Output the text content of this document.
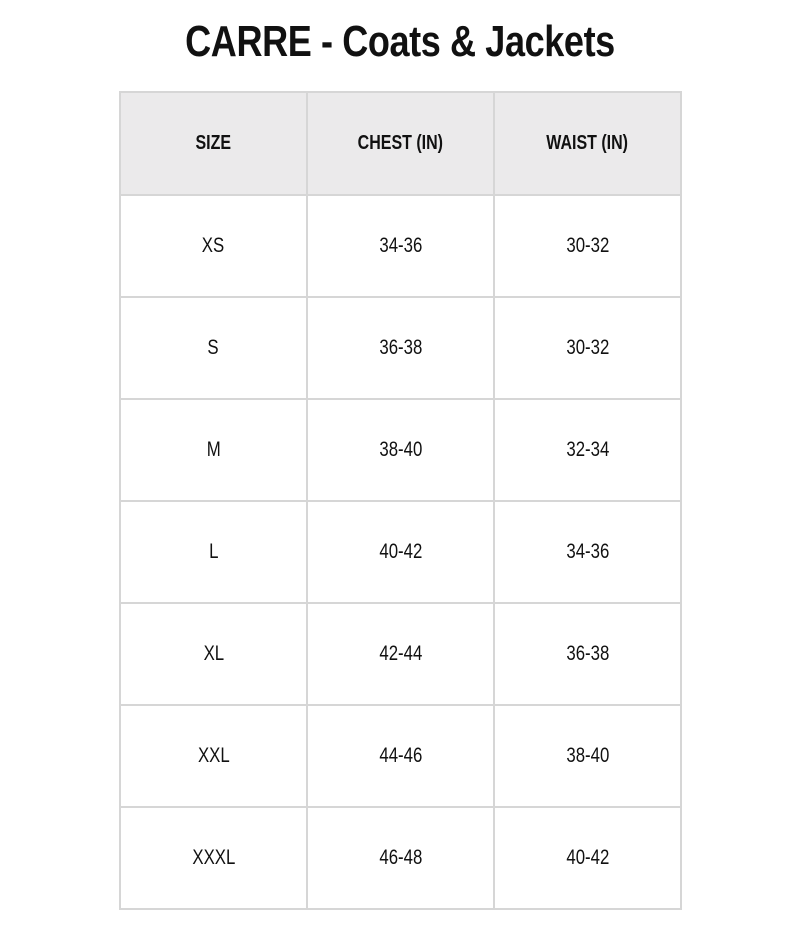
CARRE - Coats & Jackets
SIZE	CHEST (IN)	WAIST (IN)
XS	34-36	30-32
S	36-38	30-32
M	38-40	32-34
L	40-42	34-36
XL	42-44	36-38
XXL	44-46	38-40
XXXL	46-48	40-42
